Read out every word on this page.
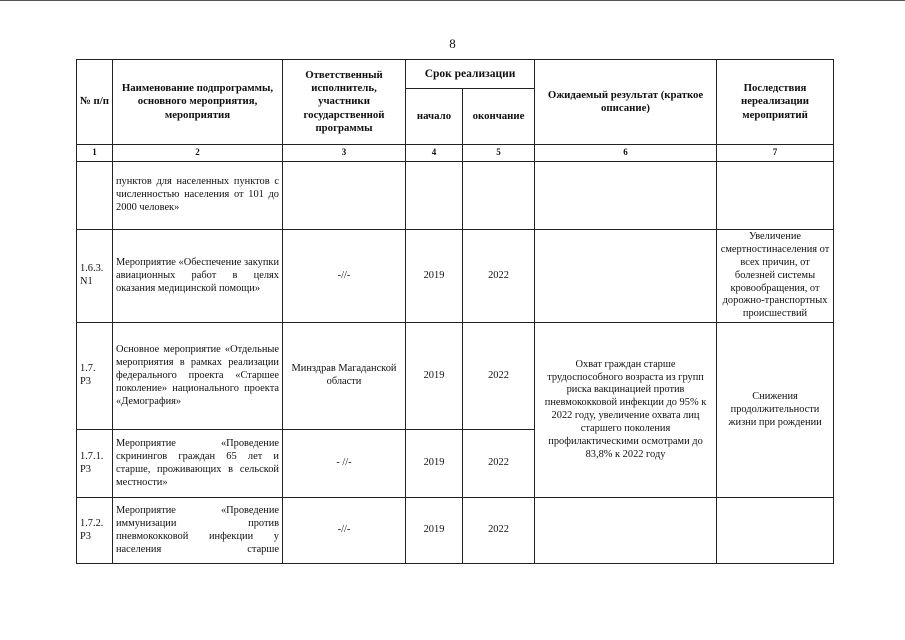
8
№ п/п	Наименование подпрограммы, основного мероприятия, мероприятия	Ответственный исполнитель, участники государственной программы	Срок реализации		Ожидаемый результат (краткое описание)	Последствия нереализации мероприятий
			начало	окончание		
1	2	3	4	5	6	7
	пунктов для населенных пунктов с численностью населения от 101 до 2000 человек»					
1.6.3. N1	Мероприятие «Обеспечение закупки авиационных работ в целях оказания медицинской помощи»	-//-	2019	2022		Увеличение смертностинаселения от всех причин, от болезней системы кровообращения, от дорожно-транспортных происшествий
1.7. Р3	Основное мероприятие «Отдельные мероприятия в рамках реализации федерального проекта «Старшее поколение» национального проекта «Демография»	Минздрав Магаданской области	2019	2022	Охват граждан старше трудоспособного возраста из групп риска вакцинацией против пневмококковой инфекции до 95% к 2022 году, увеличение охвата лиц старшего поколения профилактическими осмотрами до 83,8% к 2022 году	Снижения продолжительности жизни при рождении
1.7.1. Р3	Мероприятие «Проведение скринингов граждан 65 лет и старше, проживающих в сельской местности»	- //-	2019	2022		
1.7.2. Р3	Мероприятие «Проведение иммунизации против пневмококковой инфекции у населения старше	-//-	2019	2022		
